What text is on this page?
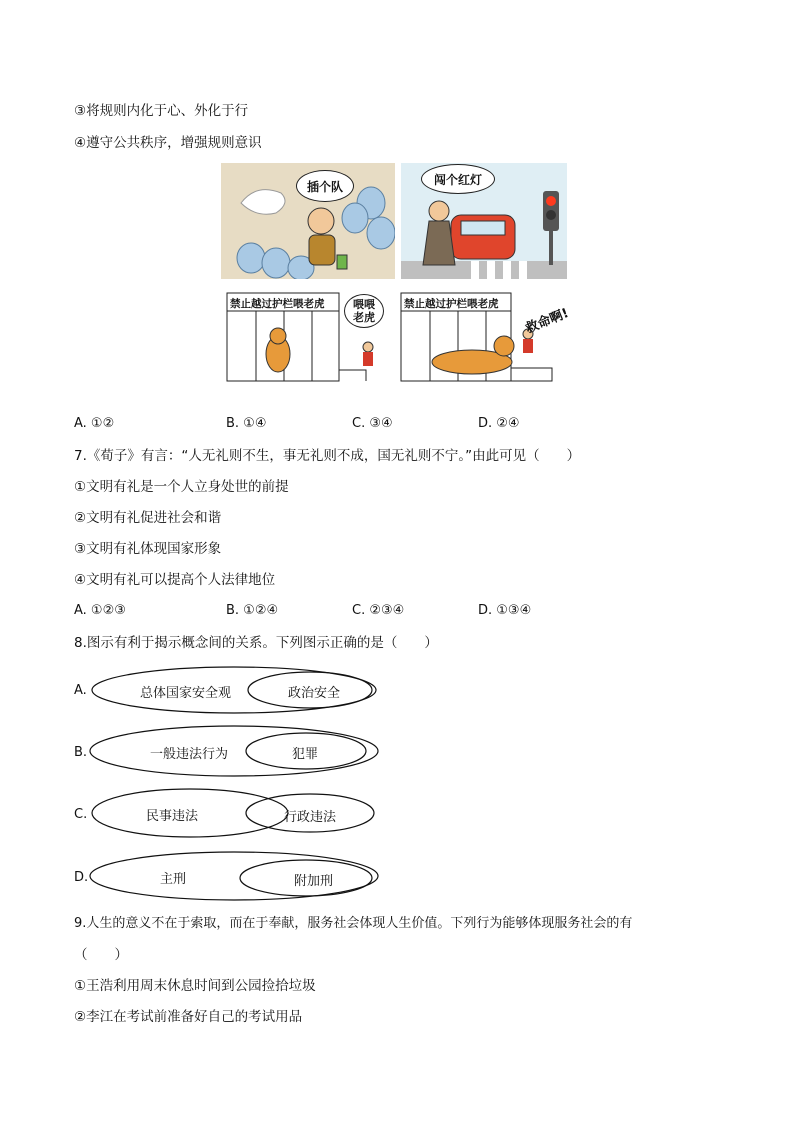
③将规则内化于心、外化于行
④遵守公共秩序，增强规则意识
插个队	闯个红灯
禁止越过护栏喂老虎	喂喂老虎
禁止越过护栏喂老虎
救命啊!
A. ①②	B. ①④	C. ③④	D. ②④
7.《荀子》有言：“人无礼则不生，事无礼则不成，国无礼则不宁。”由此可见（　　）
①文明有礼是一个人立身处世的前提
②文明有礼促进社会和谐
③文明有礼体现国家形象
④文明有礼可以提高个人法律地位
A. ①②③	B. ①②④	C. ②③④	D. ①③④
8.图示有利于揭示概念间的关系。下列图示正确的是（　　）
A.	总体国家安全观	政治安全
B.	一般违法行为	犯罪
C.	民事违法	行政违法
D.	主刑	附加刑
9.人生的意义不在于索取，而在于奉献，服务社会体现人生价值。下列行为能够体现服务社会的有
（　　）
①王浩利用周末休息时间到公园捡拾垃圾
②李江在考试前准备好自己的考试用品
